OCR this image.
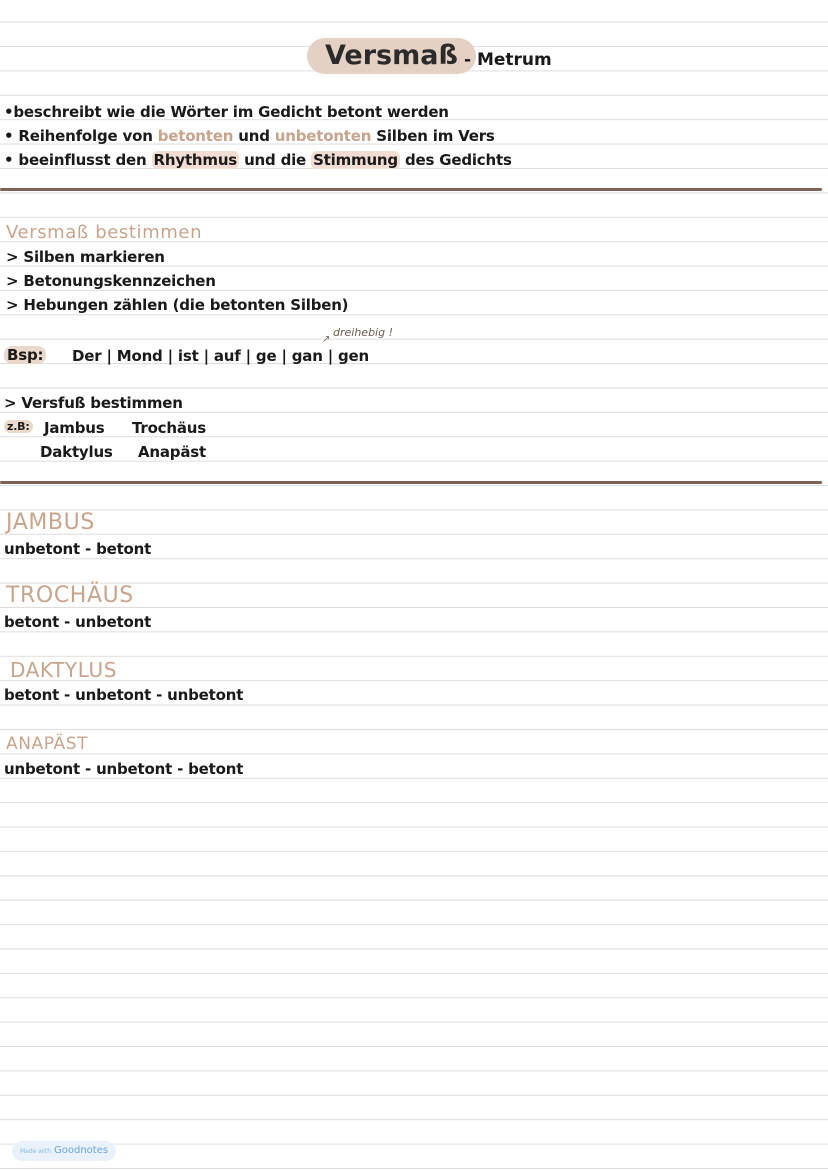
Versmaß - Metrum
•beschreibt wie die Wörter im Gedicht betont werden
• Reihenfolge von betonten und unbetonten Silben im Vers
• beeinflusst den Rhythmus und die Stimmung des Gedichts
Versmaß bestimmen
> Silben markieren
> Betonungskennzeichen
> Hebungen zählen (die betonten Silben)
↗
dreihebig !
Bsp: Der | Mond | ist | auf | ge | gan | gen
> Versfuß bestimmen
z.B: Jambus Trochäus
Daktylus Anapäst
JAMBUS
unbetont - betont
TROCHÄUS
betont - unbetont
DAKTYLUS
betont - unbetont - unbetont
ANAPÄST
unbetont - unbetont - betont
Made with Goodnotes
